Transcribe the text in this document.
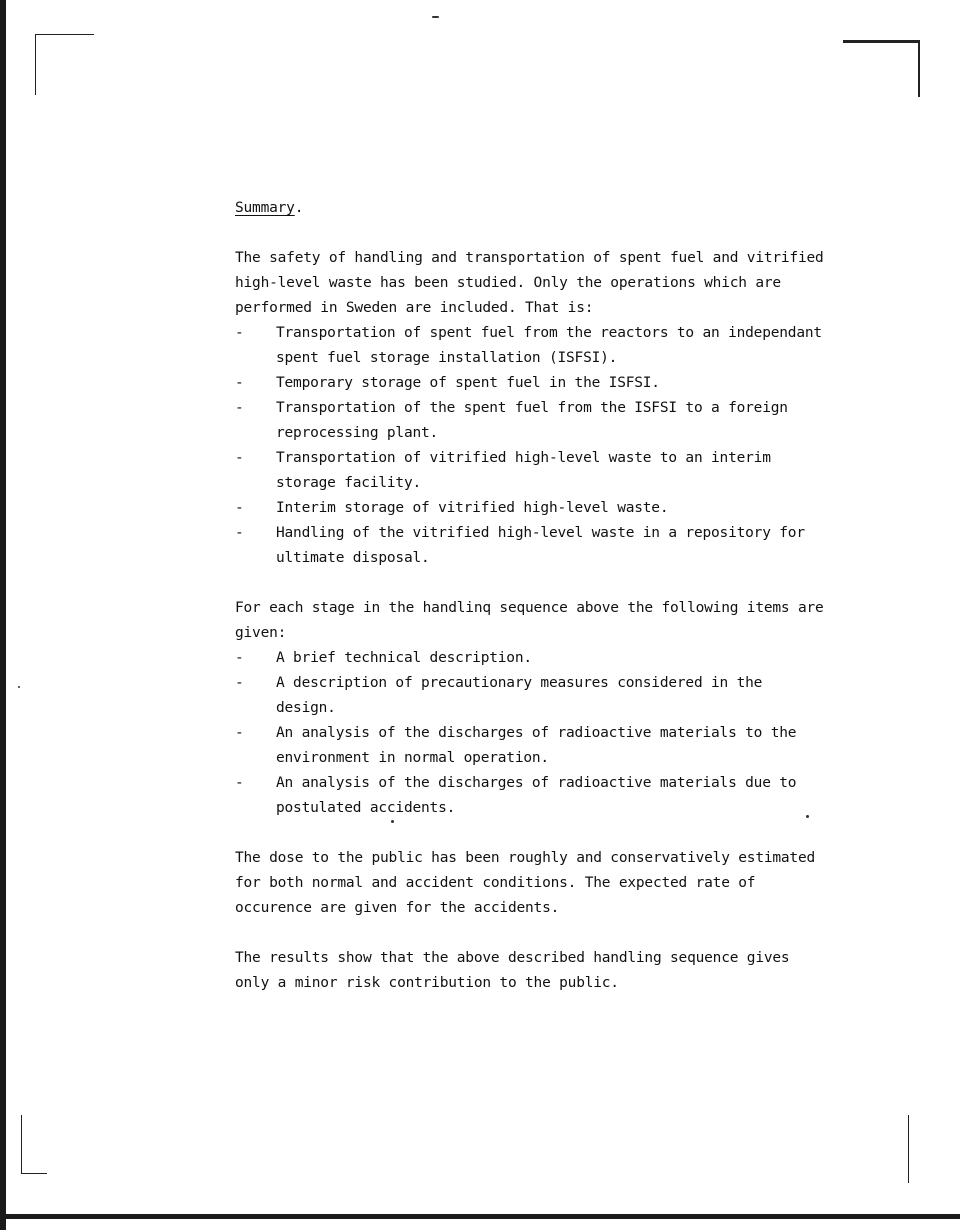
Summary.

The safety of handling and transportation of spent fuel and vitrified high-level waste has been studied. Only the operations which are performed in Sweden are included. That is:

- Transportation of spent fuel from the reactors to an independant spent fuel storage installation (ISFSI).
- Temporary storage of spent fuel in the ISFSI.
- Transportation of the spent fuel from the ISFSI to a foreign reprocessing plant.
- Transportation of vitrified high-level waste to an interim storage facility.
- Interim storage of vitrified high-level waste.
- Handling of the vitrified high-level waste in a repository for ultimate disposal.

For each stage in the handlinq sequence above the following items are given:

- A brief technical description.
- A description of precautionary measures considered in the design.
- An analysis of the discharges of radioactive materials to the environment in normal operation.
- An analysis of the discharges of radioactive materials due to postulated accidents.

The dose to the public has been roughly and conservatively estimated for both normal and accident conditions. The expected rate of occurence are given for the accidents.

The results show that the above described handling sequence gives only a minor risk contribution to the public.
